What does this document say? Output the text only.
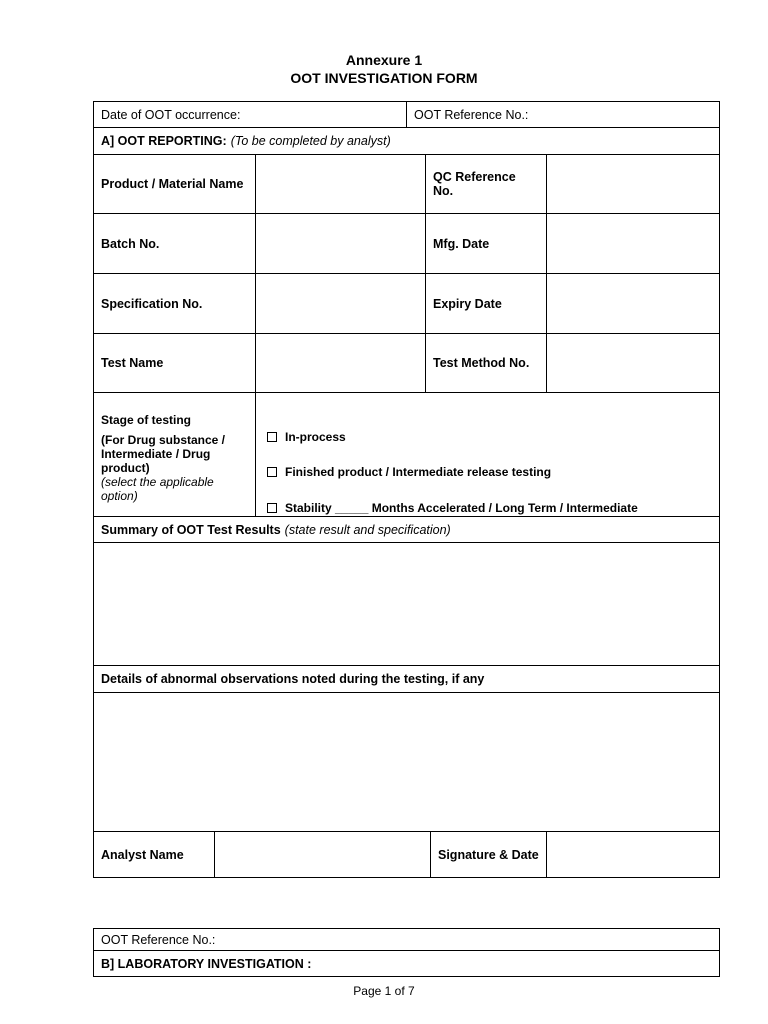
Annexure 1
OOT INVESTIGATION FORM
Date of OOT occurrence:	OOT Reference No.:
A] OOT REPORTING: (To be completed by analyst)
Product / Material Name	QC Reference No.
Batch No.	Mfg. Date
Specification No.	Expiry Date
Test Name	Test Method No.
Stage of testing
(For Drug substance / Intermediate / Drug product)
(select the applicable option)
In-process
Finished product / Intermediate release testing
Stability _____ Months Accelerated / Long Term / Intermediate
Summary of OOT Test Results (state result and specification)
Details of abnormal observations noted during the testing, if any
Analyst Name	Signature & Date
OOT Reference No.:
B] LABORATORY INVESTIGATION :
Page 1 of 7
